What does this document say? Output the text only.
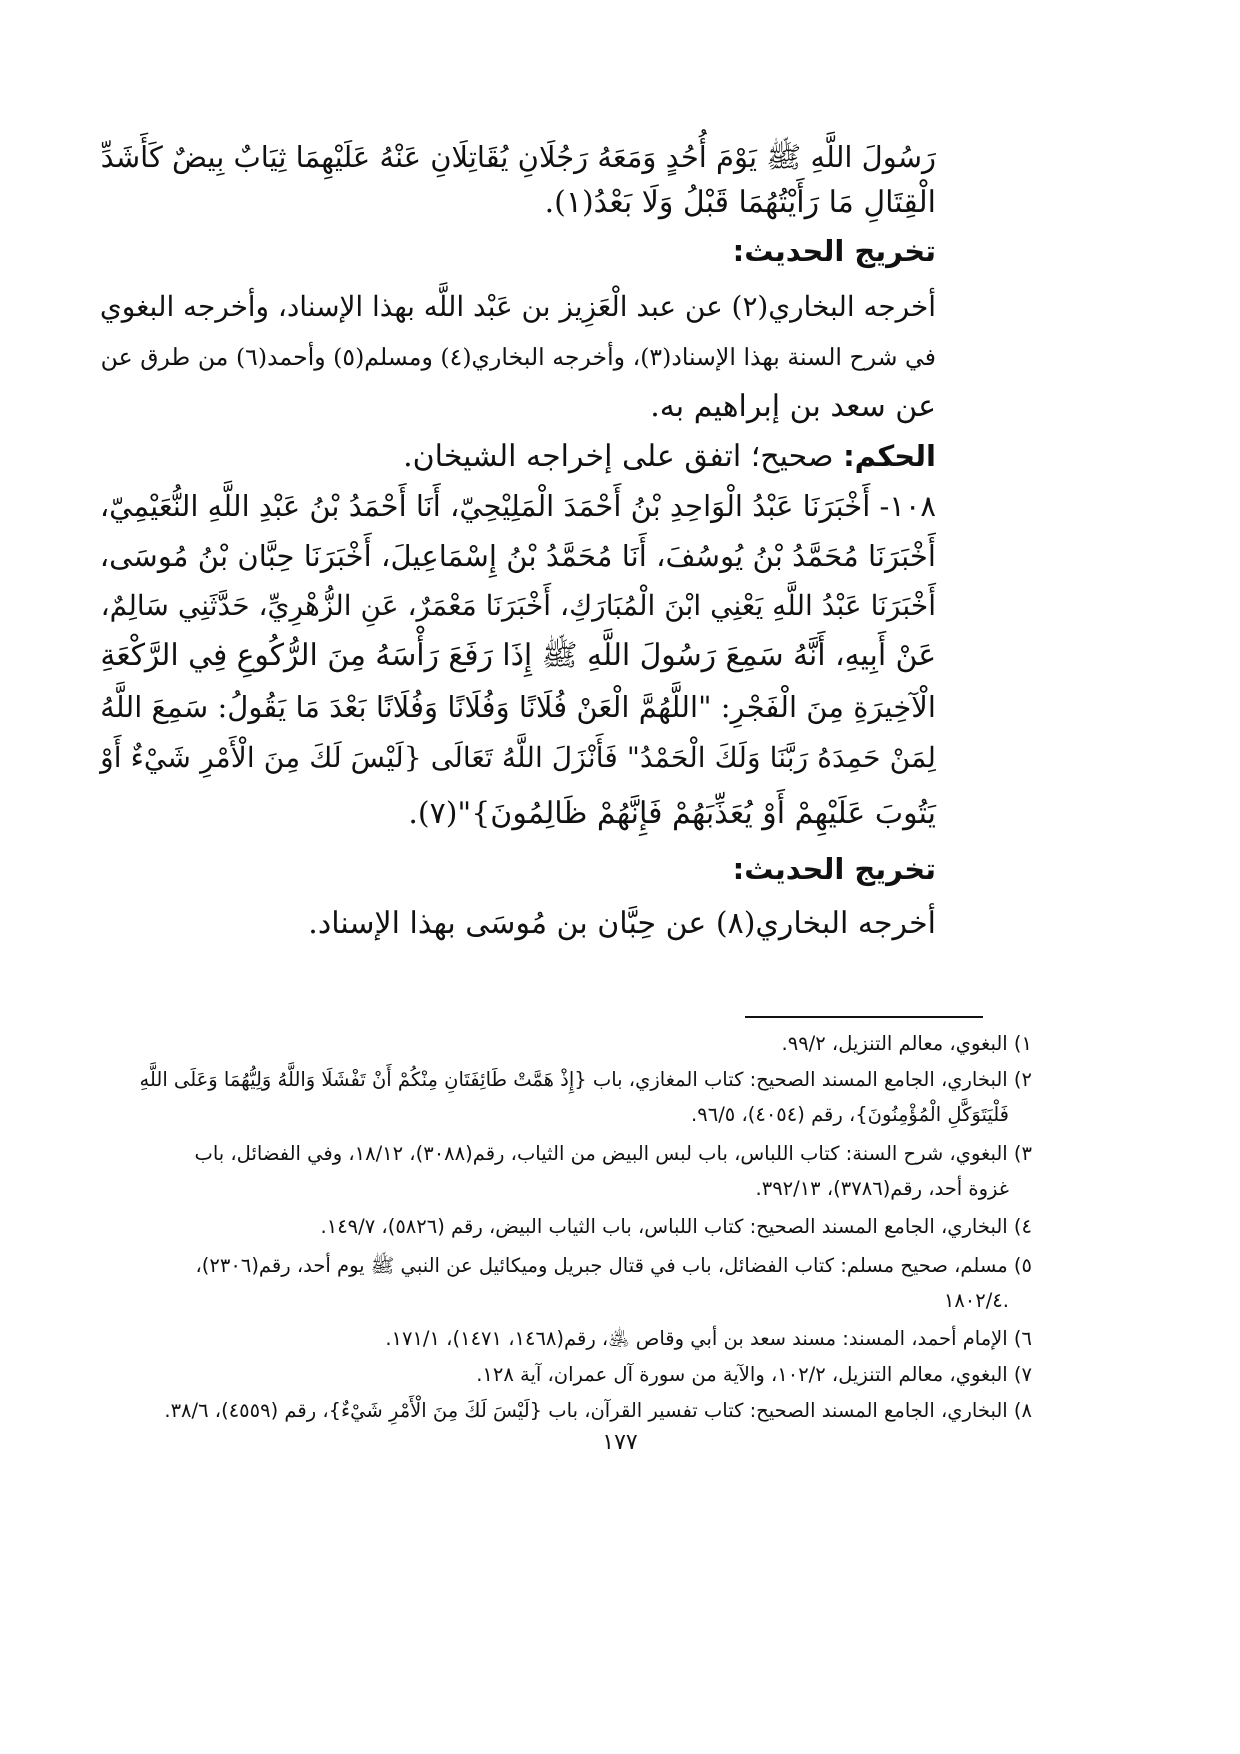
رَسُولَ اللَّهِ ﷺ يَوْمَ أُحُدٍ وَمَعَهُ رَجُلَانِ يُقَاتِلَانِ عَنْهُ عَلَيْهِمَا ثِيَابٌ بِيضٌ كَأَشَدِّ
الْقِتَالِ مَا رَأَيْتُهُمَا قَبْلُ وَلَا بَعْدُ(١).
تخريج الحديث:
أخرجه البخاري(٢) عن عبد الْعَزِيز بن عَبْد اللَّه بهذا الإسناد، وأخرجه البغوي
في شرح السنة بهذا الإسناد(٣)، وأخرجه البخاري(٤) ومسلم(٥) وأحمد(٦) من طرق عن
عن سعد بن إبراهيم به.
الحكم: صحيح؛ اتفق على إخراجه الشيخان.
١٠٨- أَخْبَرَنَا عَبْدُ الْوَاحِدِ بْنُ أَحْمَدَ الْمَلِيْحِيّ، أَنَا أَحْمَدُ بْنُ عَبْدِ اللَّهِ النُّعَيْمِيّ،
أَخْبَرَنَا مُحَمَّدُ بْنُ يُوسُفَ، أَنَا مُحَمَّدُ بْنُ إِسْمَاعِيلَ، أَخْبَرَنَا حِبَّان بْنُ مُوسَى،
أَخْبَرَنَا عَبْدُ اللَّهِ يَعْنِي ابْنَ الْمُبَارَكِ، أَخْبَرَنَا مَعْمَرٌ، عَنِ الزُّهْرِيِّ، حَدَّثَنِي سَالِمٌ،
عَنْ أَبِيهِ، أَنَّهُ سَمِعَ رَسُولَ اللَّهِ ﷺ إِذَا رَفَعَ رَأْسَهُ مِنَ الرُّكُوعِ فِي الرَّكْعَةِ
الْآخِيرَةِ مِنَ الْفَجْرِ: "اللَّهُمَّ الْعَنْ فُلَانًا وَفُلَانًا وَفُلَانًا بَعْدَ مَا يَقُولُ: سَمِعَ اللَّهُ
لِمَنْ حَمِدَهُ رَبَّنَا وَلَكَ الْحَمْدُ" فَأَنْزَلَ اللَّهُ تَعَالَى {لَيْسَ لَكَ مِنَ الْأَمْرِ شَيْءٌ أَوْ
يَتُوبَ عَلَيْهِمْ أَوْ يُعَذِّبَهُمْ فَإِنَّهُمْ ظَالِمُونَ}"(٧).
تخريج الحديث:
أخرجه البخاري(٨) عن حِبَّان بن مُوسَى بهذا الإسناد.
١) البغوي، معالم التنزيل، ٩٩/٢.
٢) البخاري، الجامع المسند الصحيح: كتاب المغازي، باب {إِذْ هَمَّتْ طَائِفَتَانِ مِنْكُمْ أَنْ تَفْشَلَا وَاللَّهُ وَلِيُّهُمَا وَعَلَى اللَّهِ
فَلْيَتَوَكَّلِ الْمُؤْمِنُونَ}، رقم (٤٠٥٤)، ٩٦/٥.
٣) البغوي، شرح السنة: كتاب اللباس، باب لبس البيض من الثياب، رقم(٣٠٨٨)، ١٨/١٢، وفي الفضائل، باب
غزوة أحد، رقم(٣٧٨٦)، ٣٩٢/١٣.
٤) البخاري، الجامع المسند الصحيح: كتاب اللباس، باب الثياب البيض، رقم (٥٨٢٦)، ١٤٩/٧.
٥) مسلم، صحيح مسلم: كتاب الفضائل، باب في قتال جبريل وميكائيل عن النبي ﷺ يوم أحد، رقم(٢٣٠٦)،
١٨٠٢/٤.
٦) الإمام أحمد، المسند: مسند سعد بن أبي وقاص ﵁، رقم(١٤٦٨، ١٤٧١)، ١٧١/١.
٧) البغوي، معالم التنزيل، ١٠٢/٢، والآية من سورة آل عمران، آية ١٢٨.
٨) البخاري، الجامع المسند الصحيح: كتاب تفسير القرآن، باب {لَيْسَ لَكَ مِنَ الْأَمْرِ شَيْءٌ}، رقم (٤٥٥٩)، ٣٨/٦.
١٧٧
